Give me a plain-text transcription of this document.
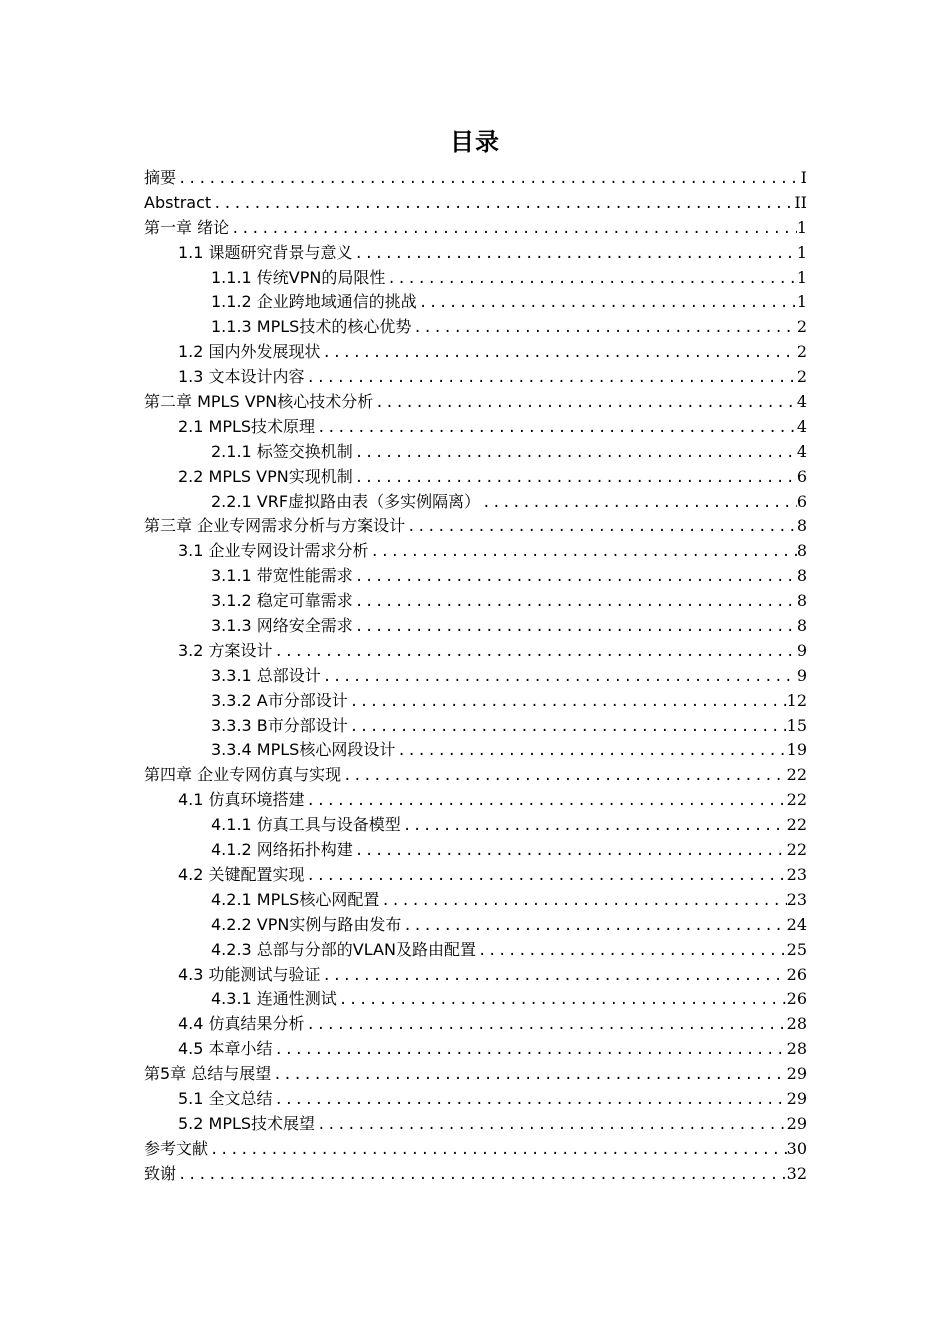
目录
摘要 .....	I
Abstract .....	II
第一章 绪论 .....	1
1.1 课题研究背景与意义 .....	1
1.1.1 传统VPN的局限性 .....	1
1.1.2 企业跨地域通信的挑战 .....	1
1.1.3 MPLS技术的核心优势 .....	2
1.2 国内外发展现状 .....	2
1.3 文本设计内容 .....	2
第二章 MPLS VPN核心技术分析 .....	4
2.1 MPLS技术原理 .....	4
2.1.1 标签交换机制 .....	4
2.2 MPLS VPN实现机制 .....	6
2.2.1 VRF虚拟路由表（多实例隔离） .....	6
第三章 企业专网需求分析与方案设计 .....	8
3.1 企业专网设计需求分析 .....	8
3.1.1 带宽性能需求 .....	8
3.1.2 稳定可靠需求 .....	8
3.1.3 网络安全需求 .....	8
3.2 方案设计 .....	9
3.3.1 总部设计 .....	9
3.3.2 A市分部设计 .....	12
3.3.3 B市分部设计 .....	15
3.3.4 MPLS核心网段设计 .....	19
第四章 企业专网仿真与实现 .....	22
4.1 仿真环境搭建 .....	22
4.1.1 仿真工具与设备模型 .....	22
4.1.2 网络拓扑构建 .....	22
4.2 关键配置实现 .....	23
4.2.1 MPLS核心网配置 .....	23
4.2.2 VPN实例与路由发布 .....	24
4.2.3 总部与分部的VLAN及路由配置 .....	25
4.3 功能测试与验证 .....	26
4.3.1 连通性测试 .....	26
4.4 仿真结果分析 .....	28
4.5 本章小结 .....	28
第5章 总结与展望 .....	29
5.1 全文总结 .....	29
5.2 MPLS技术展望 .....	29
参考文献 .....	30
致谢 .....	32
